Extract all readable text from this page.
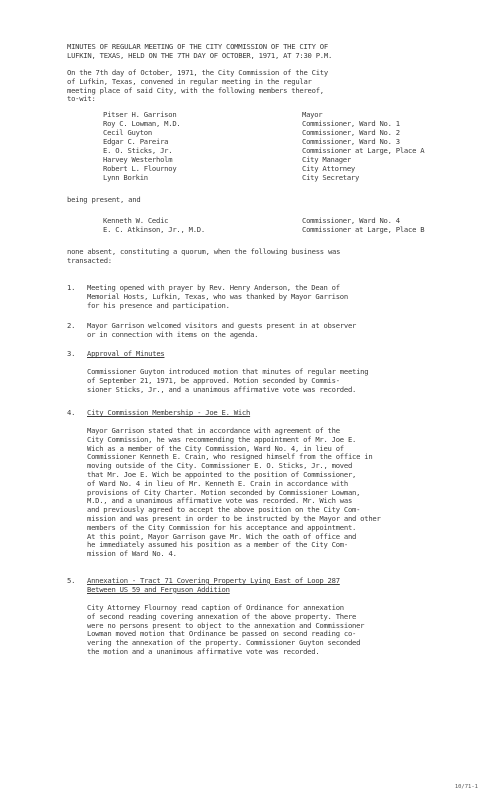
MINUTES OF REGULAR MEETING OF THE CITY COMMISSION OF THE CITY OF
LUFKIN, TEXAS, HELD ON THE 7TH DAY OF OCTOBER, 1971, AT 7:30 P.M.
On the 7th day of October, 1971, the City Commission of the City
of Lufkin, Texas, convened in regular meeting in the regular
meeting place of said City, with the following members thereof,
to-wit:
Pitser H. Garrison	Mayor
Roy C. Lowman, M.D.	Commissioner, Ward No. 1
Cecil Guyton	Commissioner, Ward No. 2
Edgar C. Pareira	Commissioner, Ward No. 3
E. O. Sticks, Jr.	Commissioner at Large, Place A
Harvey Westerholm	City Manager
Robert L. Flournoy	City Attorney
Lynn Borkin	City Secretary
being present, and
Kenneth W. Cedic	Commissioner, Ward No. 4
E. C. Atkinson, Jr., M.D.	Commissioner at Large, Place B
none absent, constituting a quorum, when the following business was
transacted:
1. Meeting opened with prayer by Rev. Henry Anderson, the Dean of
Memorial Hosts, Lufkin, Texas, who was thanked by Mayor Garrison
for his presence and participation.
2. Mayor Garrison welcomed visitors and guests present in at observer
or in connection with items on the agenda.
3. Approval of Minutes
Commissioner Guyton introduced motion that minutes of regular meeting
of September 21, 1971, be approved. Motion seconded by Commis-
sioner Sticks, Jr., and a unanimous affirmative vote was recorded.
4. City Commission Membership - Joe E. Wich
Mayor Garrison stated that in accordance with agreement of the
City Commission, he was recommending the appointment of Mr. Joe E.
Wich as a member of the City Commission, Ward No. 4, in lieu of
Commissioner Kenneth E. Crain, who resigned himself from the office in
moving outside of the City. Commissioner E. O. Sticks, Jr., moved
that Mr. Joe E. Wich be appointed to the position of Commissioner,
of Ward No. 4 in lieu of Mr. Kenneth E. Crain in accordance with
provisions of City Charter. Motion seconded by Commissioner Lowman,
M.D., and a unanimous affirmative vote was recorded. Mr. Wich was
and previously agreed to accept the above position on the City Com-
mission and was present in order to be instructed by the Mayor and other
members of the City Commission for his acceptance and appointment.
At this point, Mayor Garrison gave Mr. Wich the oath of office and
he immediately assumed his position as a member of the City Com-
mission of Ward No. 4.
5. Annexation - Tract 71 Covering Property Lying East of Loop 287
Between US 59 and Ferguson Addition
City Attorney Flournoy read caption of Ordinance for annexation
of second reading covering annexation of the above property. There
were no persons present to object to the annexation and Commissioner
Lowman moved motion that Ordinance be passed on second reading co-
vering the annexation of the property. Commissioner Guyton seconded
the motion and a unanimous affirmative vote was recorded.
10/71-1
